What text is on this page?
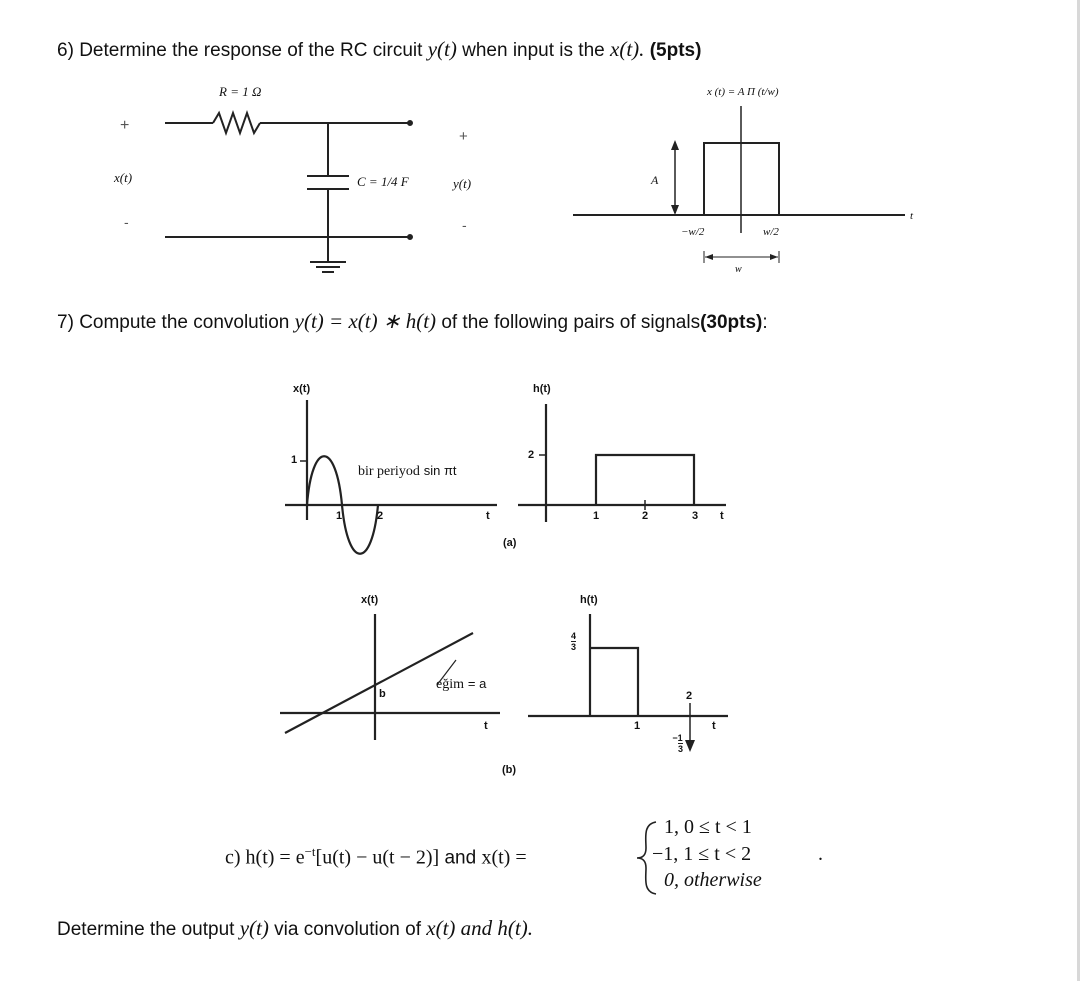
6) Determine the response of the RC circuit y(t) when input is the x(t). (5pts)
R = 1 Ω
+
x(t)
-
C = 1/4 F	y(t)
+
-
x (t) = A Π (t/w)
A
−w/2	w/2
w
t
7) Compute the convolution y(t) = x(t) ∗ h(t) of the following pairs of signals(30pts):
x(t)
1
1	2	t
bir periyod sin πt
h(t)
2
1	2	3 t
(a)
x(t)
b
eğim = a
t
h(t)
$\frac{4}{3}$
1
2
$\frac{-1}{3}$
t
(b)
c) $h(t) = e^{-t}[u(t) - u(t - 2)]$ and x(t) =
1, 0 ≤ t < 1
−1, 1 ≤ t < 2
0, otherwise
.
Determine the output y(t) via convolution of x(t) and h(t).
